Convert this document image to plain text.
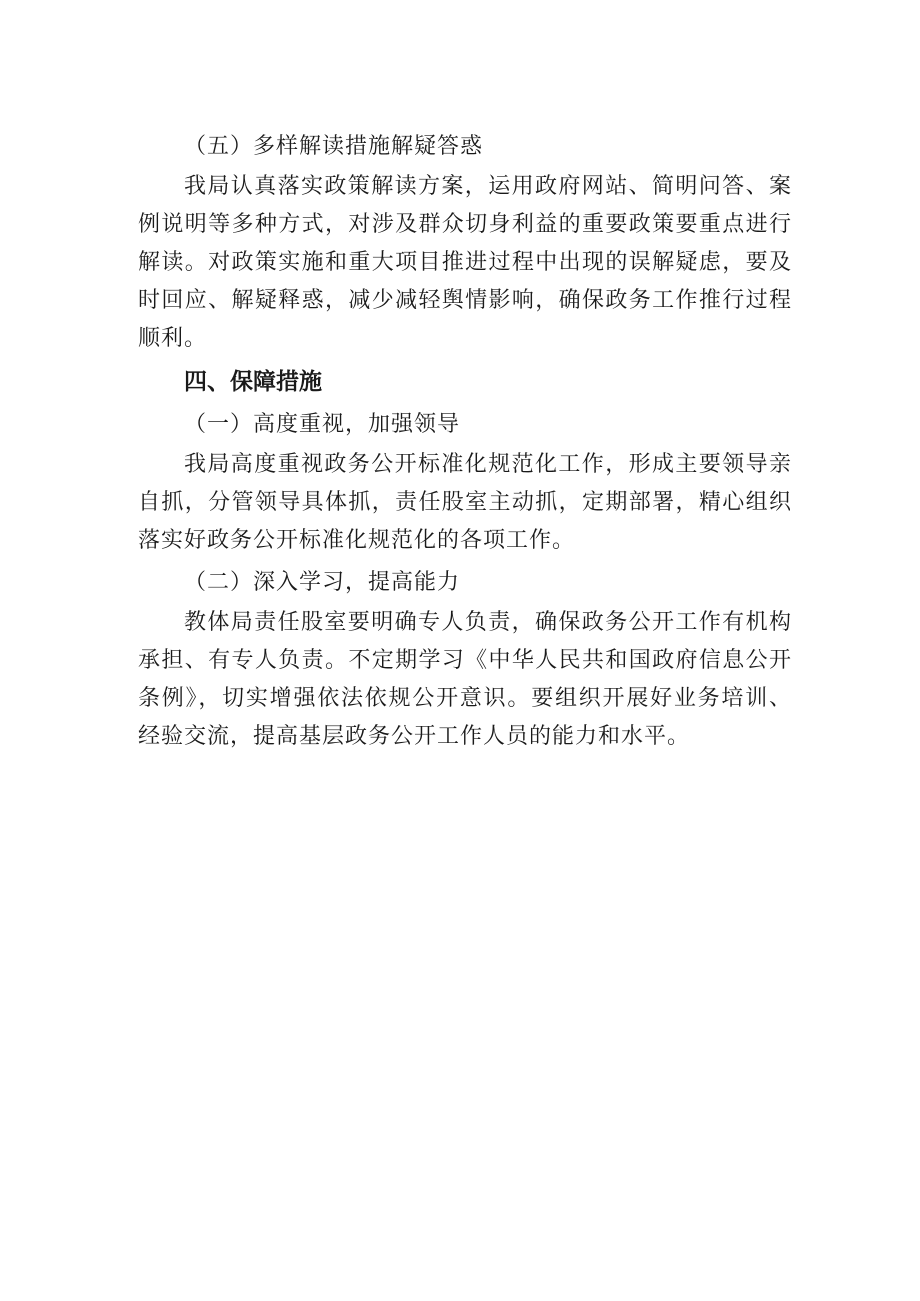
（五）多样解读措施解疑答惑
我局认真落实政策解读方案，运用政府网站、简明问答、案
例说明等多种方式，对涉及群众切身利益的重要政策要重点进行
解读。对政策实施和重大项目推进过程中出现的误解疑虑，要及
时回应、解疑释惑，减少减轻舆情影响，确保政务工作推行过程
顺利。
四、保障措施
（一）高度重视，加强领导
我局高度重视政务公开标准化规范化工作，形成主要领导亲
自抓，分管领导具体抓，责任股室主动抓，定期部署，精心组织
落实好政务公开标准化规范化的各项工作。
（二）深入学习，提高能力
教体局责任股室要明确专人负责，确保政务公开工作有机构
承担、有专人负责。不定期学习《中华人民共和国政府信息公开
条例》，切实增强依法依规公开意识。要组织开展好业务培训、
经验交流，提高基层政务公开工作人员的能力和水平。
